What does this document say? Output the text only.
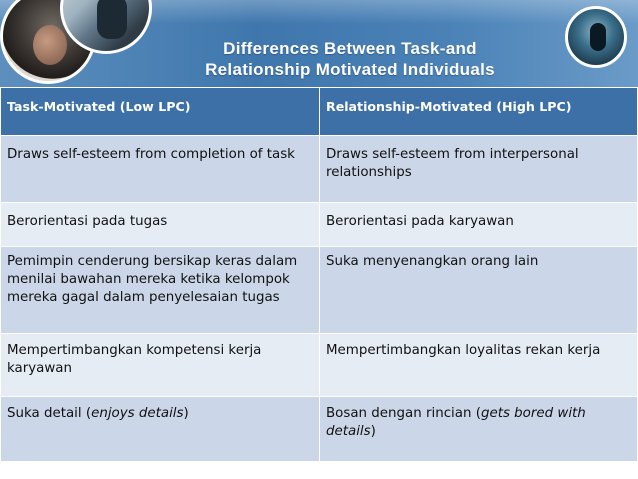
Differences Between Task-and
Relationship Motivated Individuals
Task-Motivated (Low LPC)	Relationship-Motivated (High LPC)
Draws self-esteem from completion of task	Draws self-esteem from interpersonal relationships
Berorientasi pada tugas	Berorientasi pada karyawan
Pemimpin cenderung bersikap keras dalam menilai bawahan mereka ketika kelompok mereka gagal dalam penyelesaian tugas	Suka menyenangkan orang lain
Mempertimbangkan kompetensi kerja karyawan	Mempertimbangkan loyalitas rekan kerja
Suka detail (enjoys details)	Bosan dengan rincian (gets bored with details)
